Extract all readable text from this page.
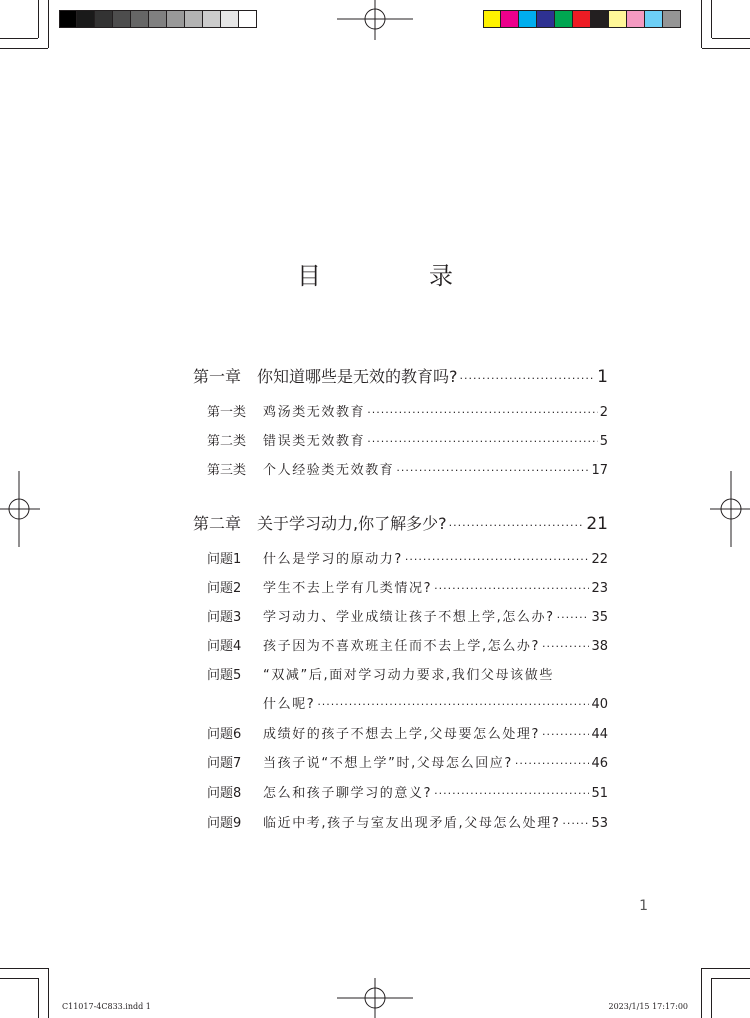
目　录
第一章 你知道哪些是无效的教育吗? ·····	1
第一类	鸡汤类无效教育 ·····	2
第二类	错误类无效教育 ·····	5
第三类	个人经验类无效教育 ·····	17
第二章 关于学习动力,你了解多少? ·····	21
问题1	什么是学习的原动力? ·····	22
问题2	学生不去上学有几类情况? ·····	23
问题3	学习动力、学业成绩让孩子不想上学,怎么办? ·····	35
问题4	孩子因为不喜欢班主任而不去上学,怎么办? ·····	38
问题5	“双减”后,面对学习动力要求,我们父母该做些
什么呢? ·····	40
问题6	成绩好的孩子不想去上学,父母要怎么处理? ·····	44
问题7	当孩子说“不想上学”时,父母怎么回应? ·····	46
问题8	怎么和孩子聊学习的意义? ·····	51
问题9	临近中考,孩子与室友出现矛盾,父母怎么处理? ····· 53
1
C11017-4C833.indd 1	2023/1/15 17:17:00
